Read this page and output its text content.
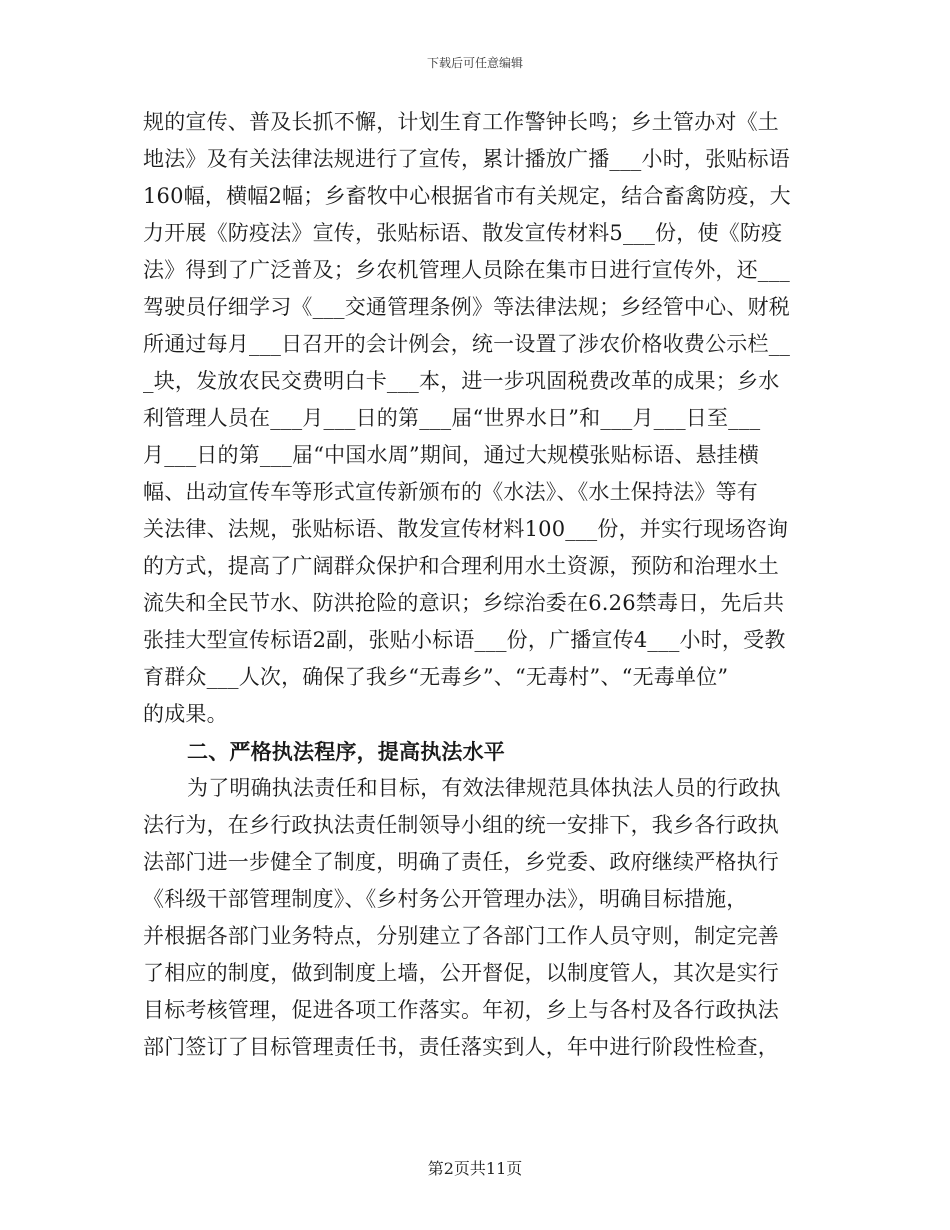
下载后可任意编辑
规的宣传、普及长抓不懈，计划生育工作警钟长鸣；乡土管办对《土
地法》及有关法律法规进行了宣传，累计播放广播___小时，张贴标语
160幅，横幅2幅；乡畜牧中心根据省市有关规定，结合畜禽防疫，大
力开展《防疫法》宣传，张贴标语、散发宣传材料5___份，使《防疫
法》得到了广泛普及；乡农机管理人员除在集市日进行宣传外，还___
驾驶员仔细学习《___交通管理条例》等法律法规；乡经管中心、财税
所通过每月___日召开的会计例会，统一设置了涉农价格收费公示栏__
_块，发放农民交费明白卡___本，进一步巩固税费改革的成果；乡水
利管理人员在___月___日的第___届“世界水日”和___月___日至___
月___日的第___届“中国水周”期间，通过大规模张贴标语、悬挂横
幅、出动宣传车等形式宣传新颁布的《水法》、《水土保持法》等有
关法律、法规，张贴标语、散发宣传材料100___份，并实行现场咨询
的方式，提高了广阔群众保护和合理利用水土资源，预防和治理水土
流失和全民节水、防洪抢险的意识；乡综治委在6.26禁毒日，先后共
张挂大型宣传标语2副，张贴小标语___份，广播宣传4___小时，受教
育群众___人次，确保了我乡“无毒乡”、“无毒村”、“无毒单位”
的成果。
二、严格执法程序，提高执法水平
为了明确执法责任和目标，有效法律规范具体执法人员的行政执
法行为，在乡行政执法责任制领导小组的统一安排下，我乡各行政执
法部门进一步健全了制度，明确了责任，乡党委、政府继续严格执行
《科级干部管理制度》、《乡村务公开管理办法》，明确目标措施，
并根据各部门业务特点，分别建立了各部门工作人员守则，制定完善
了相应的制度，做到制度上墙，公开督促，以制度管人，其次是实行
目标考核管理，促进各项工作落实。年初，乡上与各村及各行政执法
部门签订了目标管理责任书，责任落实到人，年中进行阶段性检查，
第2页共11页
